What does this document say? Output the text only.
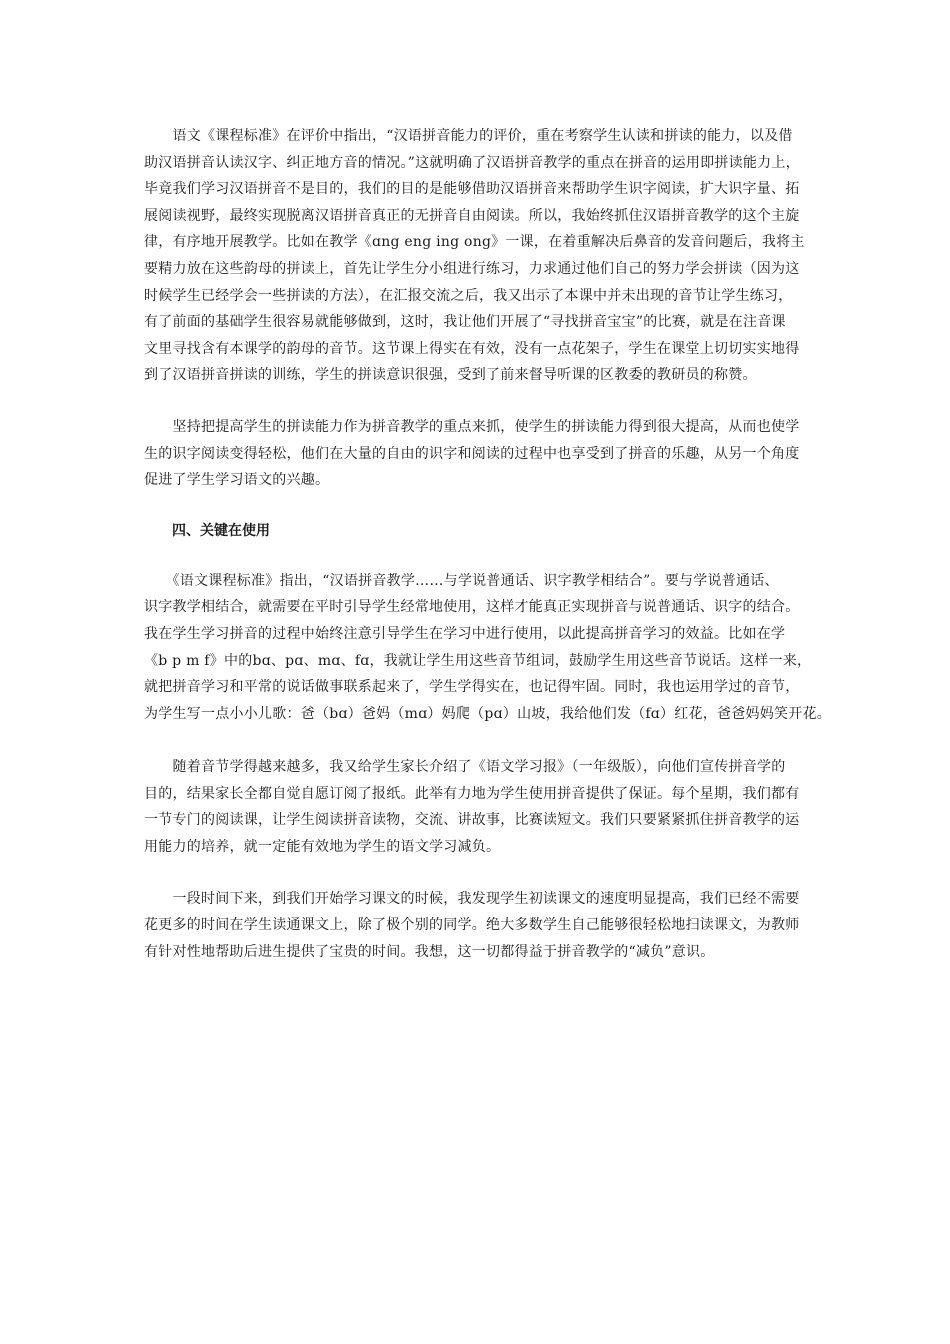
　　语文《课程标准》在评价中指出，“汉语拼音能力的评价，重在考察学生认读和拼读的能力，以及借
助汉语拼音认读汉字、纠正地方音的情况。”这就明确了汉语拼音教学的重点在拼音的运用即拼读能力上，
毕竟我们学习汉语拼音不是目的，我们的目的是能够借助汉语拼音来帮助学生识字阅读，扩大识字量、拓
展阅读视野，最终实现脱离汉语拼音真正的无拼音自由阅读。所以，我始终抓住汉语拼音教学的这个主旋
律，有序地开展教学。比如在教学《ɑng eng ing ong》一课，在着重解决后鼻音的发音问题后，我将主
要精力放在这些韵母的拼读上，首先让学生分小组进行练习，力求通过他们自己的努力学会拼读（因为这
时候学生已经学会一些拼读的方法），在汇报交流之后，我又出示了本课中并未出现的音节让学生练习，
有了前面的基础学生很容易就能够做到，这时，我让他们开展了“寻找拼音宝宝”的比赛，就是在注音课
文里寻找含有本课学的韵母的音节。这节课上得实在有效，没有一点花架子，学生在课堂上切切实实地得
到了汉语拼音拼读的训练，学生的拼读意识很强，受到了前来督导听课的区教委的教研员的称赞。

　　坚持把提高学生的拼读能力作为拼音教学的重点来抓，使学生的拼读能力得到很大提高，从而也使学
生的识字阅读变得轻松，他们在大量的自由的识字和阅读的过程中也享受到了拼音的乐趣，从另一个角度
促进了学生学习语文的兴趣。

四、关键在使用

　　《语文课程标准》指出，“汉语拼音教学……与学说普通话、识字教学相结合”。要与学说普通话、
识字教学相结合，就需要在平时引导学生经常地使用，这样才能真正实现拼音与说普通话、识字的结合。
我在学生学习拼音的过程中始终注意引导学生在学习中进行使用，以此提高拼音学习的效益。比如在学
《b p m f》中的bɑ、pɑ、mɑ、fɑ，我就让学生用这些音节组词，鼓励学生用这些音节说话。这样一来，
就把拼音学习和平常的说话做事联系起来了，学生学得实在，也记得牢固。同时，我也运用学过的音节，
为学生写一点小小儿歌：爸（bɑ）爸妈（mɑ）妈爬（pɑ）山坡，我给他们发（fɑ）红花，爸爸妈妈笑开花。

　　随着音节学得越来越多，我又给学生家长介绍了《语文学习报》（一年级版），向他们宣传拼音学的
目的，结果家长全都自觉自愿订阅了报纸。此举有力地为学生使用拼音提供了保证。每个星期，我们都有
一节专门的阅读课，让学生阅读拼音读物，交流、讲故事，比赛读短文。我们只要紧紧抓住拼音教学的运
用能力的培养，就一定能有效地为学生的语文学习减负。

　　一段时间下来，到我们开始学习课文的时候，我发现学生初读课文的速度明显提高，我们已经不需要
花更多的时间在学生读通课文上，除了极个别的同学。绝大多数学生自己能够很轻松地扫读课文，为教师
有针对性地帮助后进生提供了宝贵的时间。我想，这一切都得益于拼音教学的“减负”意识。
